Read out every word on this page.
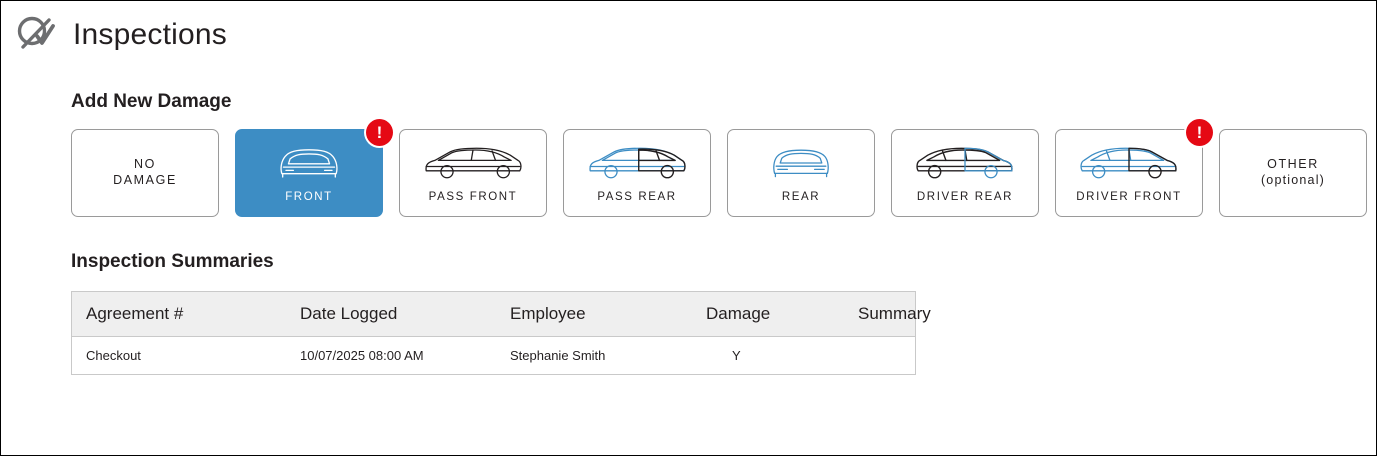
Inspections
Add New Damage
NO
DAMAGE
!
FRONT	PASS FRONT	PASS REAR	REAR	DRIVER REAR
!
DRIVER FRONT
OTHER
(optional)
Inspection Summaries
Agreement #	Date Logged	Employee	Damage	Summary
Checkout	10/07/2025 08:00 AM	Stephanie Smith	Y	
